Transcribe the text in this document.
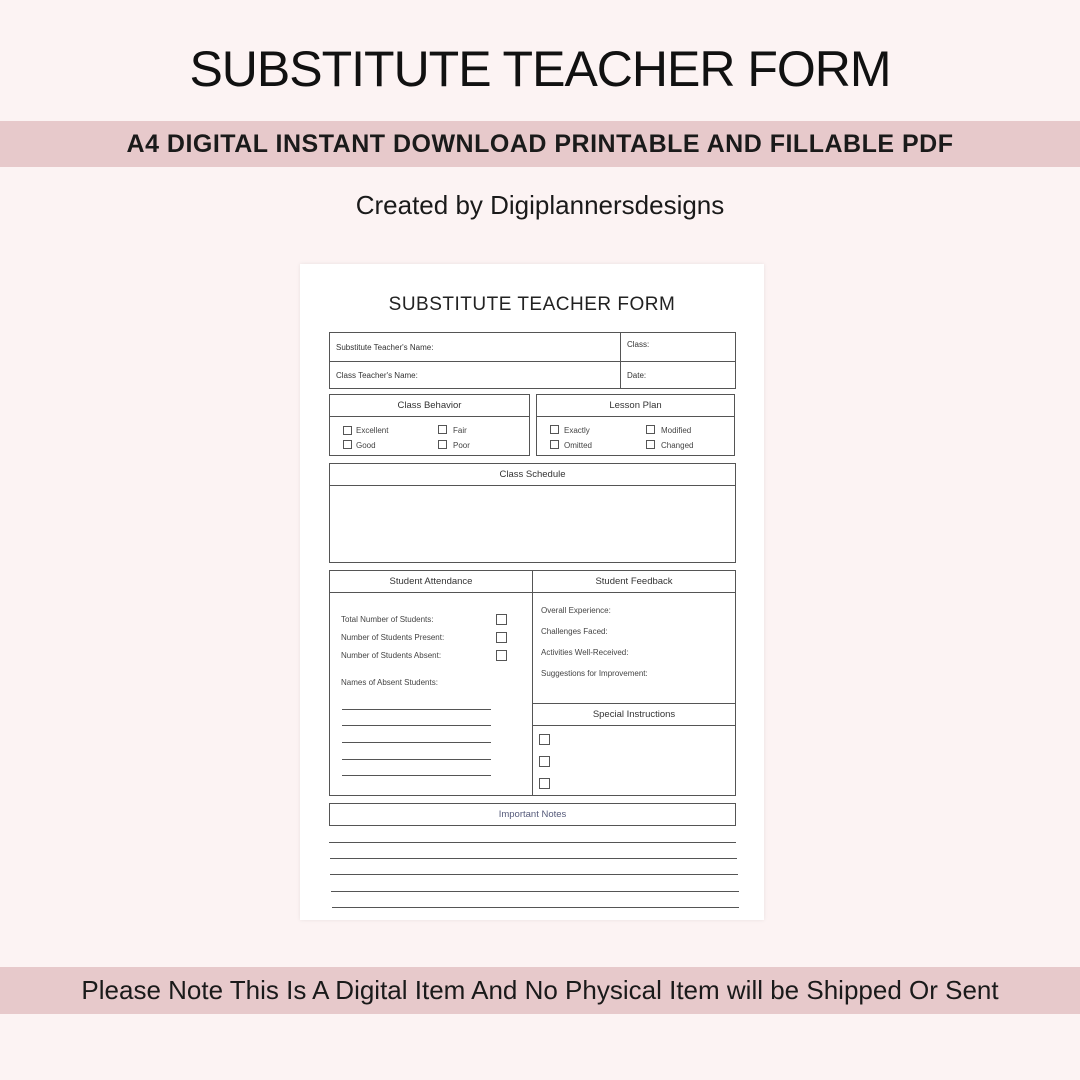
SUBSTITUTE TEACHER FORM
A4 DIGITAL INSTANT DOWNLOAD PRINTABLE AND FILLABLE PDF
Created by Digiplannersdesigns
SUBSTITUTE TEACHER FORM
Substitute Teacher's Name:	Class:
Class Teacher's Name:	Date:
Class Behavior
Excellent	Fair
Good	Poor
Lesson Plan
Exactly	Modified
Omitted	Changed
Class Schedule
Student Attendance
Total Number of Students:
Number of Students Present:
Number of Students Absent:
Names of Absent Students:
Student Feedback
Overall Experience:
Challenges Faced:
Activities Well-Received:
Suggestions for Improvement:
Special Instructions
Important Notes
Please Note This Is A Digital Item And No Physical Item will be Shipped Or Sent
